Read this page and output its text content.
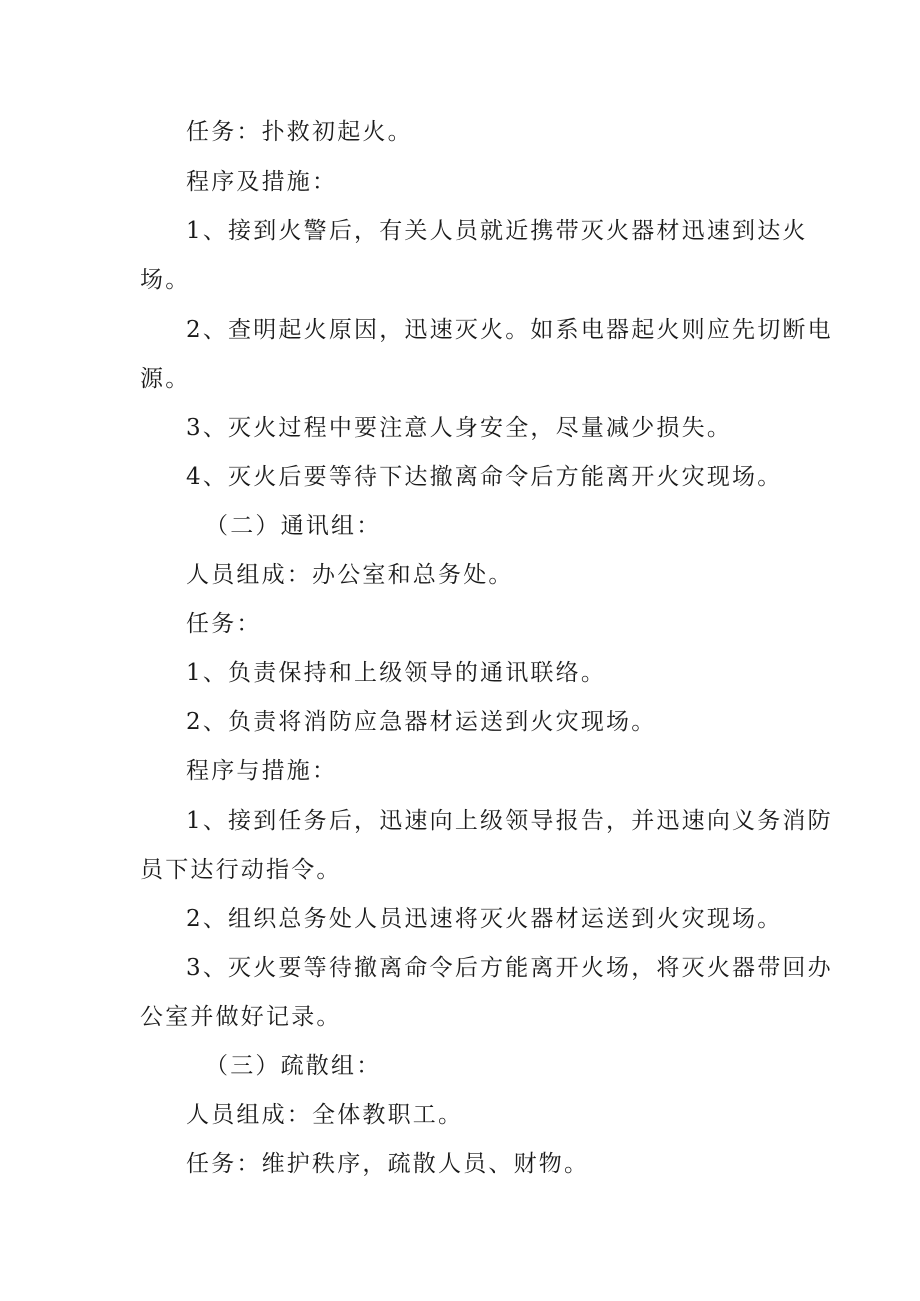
任务：扑救初起火。
程序及措施：
1、接到火警后，有关人员就近携带灭火器材迅速到达火
场。
2、查明起火原因，迅速灭火。如系电器起火则应先切断电
源。
3、灭火过程中要注意人身安全，尽量减少损失。
4、灭火后要等待下达撤离命令后方能离开火灾现场。
（二）通讯组：
人员组成：办公室和总务处。
任务：
1、负责保持和上级领导的通讯联络。
2、负责将消防应急器材运送到火灾现场。
程序与措施：
1、接到任务后，迅速向上级领导报告，并迅速向义务消防
员下达行动指令。
2、组织总务处人员迅速将灭火器材运送到火灾现场。
3、灭火要等待撤离命令后方能离开火场，将灭火器带回办
公室并做好记录。
（三）疏散组：
人员组成：全体教职工。
任务：维护秩序，疏散人员、财物。
